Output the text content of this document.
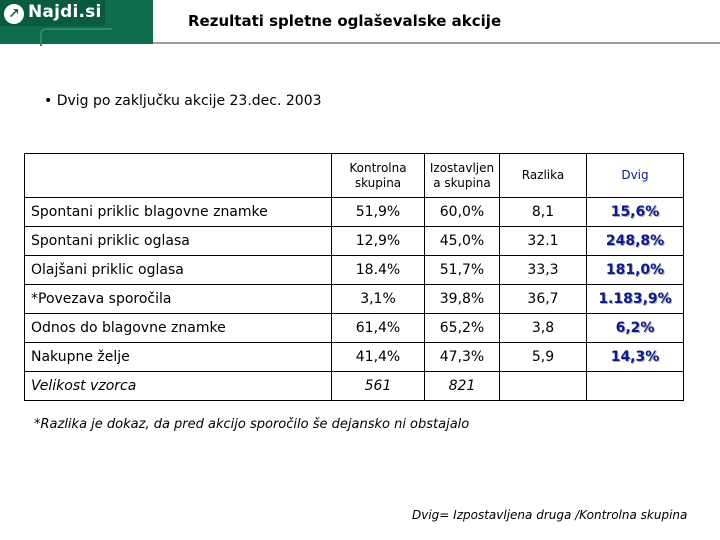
↗ Najdi.si	Rezultati spletne oglaševalske akcije
• Dvig po zaključku akcije 23.dec. 2003
	Kontrolna skupina	Izostavljen a skupina	Razlika	Dvig
Spontani priklic blagovne znamke	51,9%	60,0%	8,1	15,6%
Spontani priklic oglasa	12,9%	45,0%	32.1	248,8%
Olajšani priklic oglasa	18.4%	51,7%	33,3	181,0%
*Povezava sporočila	3,1%	39,8%	36,7	1.183,9%
Odnos do blagovne znamke	61,4%	65,2%	3,8	6,2%
Nakupne želje	41,4%	47,3%	5,9	14,3%
Velikost vzorca	561	821		
*Razlika je dokaz, da pred akcijo sporočilo še dejansko ni obstajalo
Dvig= Izpostavljena druga /Kontrolna skupina
